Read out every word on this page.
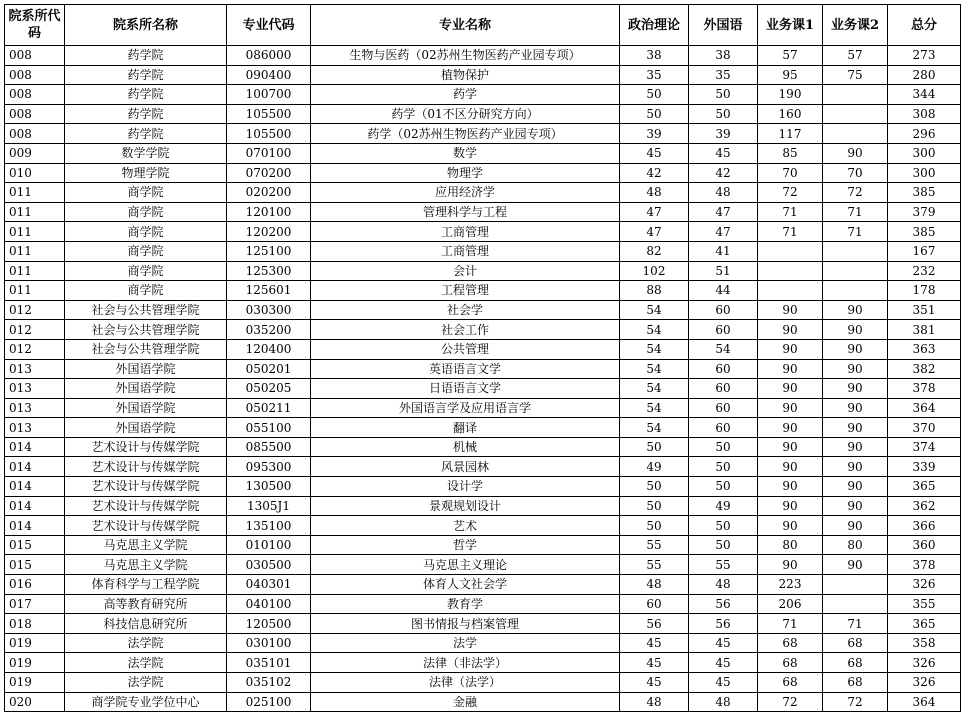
院系所代码	院系所名称	专业代码	专业名称	政治理论	外国语	业务课1	业务课2	总分
008	药学院	086000	生物与医药（02苏州生物医药产业园专项）	38	38	57	57	273
008	药学院	090400	植物保护	35	35	95	75	280
008	药学院	100700	药学	50	50	190		344
008	药学院	105500	药学（01不区分研究方向）	50	50	160		308
008	药学院	105500	药学（02苏州生物医药产业园专项）	39	39	117		296
009	数学学院	070100	数学	45	45	85	90	300
010	物理学院	070200	物理学	42	42	70	70	300
011	商学院	020200	应用经济学	48	48	72	72	385
011	商学院	120100	管理科学与工程	47	47	71	71	379
011	商学院	120200	工商管理	47	47	71	71	385
011	商学院	125100	工商管理	82	41			167
011	商学院	125300	会计	102	51			232
011	商学院	125601	工程管理	88	44			178
012	社会与公共管理学院	030300	社会学	54	60	90	90	351
012	社会与公共管理学院	035200	社会工作	54	60	90	90	381
012	社会与公共管理学院	120400	公共管理	54	54	90	90	363
013	外国语学院	050201	英语语言文学	54	60	90	90	382
013	外国语学院	050205	日语语言文学	54	60	90	90	378
013	外国语学院	050211	外国语言学及应用语言学	54	60	90	90	364
013	外国语学院	055100	翻译	54	60	90	90	370
014	艺术设计与传媒学院	085500	机械	50	50	90	90	374
014	艺术设计与传媒学院	095300	风景园林	49	50	90	90	339
014	艺术设计与传媒学院	130500	设计学	50	50	90	90	365
014	艺术设计与传媒学院	1305J1	景观规划设计	50	49	90	90	362
014	艺术设计与传媒学院	135100	艺术	50	50	90	90	366
015	马克思主义学院	010100	哲学	55	50	80	80	360
015	马克思主义学院	030500	马克思主义理论	55	55	90	90	378
016	体育科学与工程学院	040301	体育人文社会学	48	48	223		326
017	高等教育研究所	040100	教育学	60	56	206		355
018	科技信息研究所	120500	图书情报与档案管理	56	56	71	71	365
019	法学院	030100	法学	45	45	68	68	358
019	法学院	035101	法律（非法学）	45	45	68	68	326
019	法学院	035102	法律（法学）	45	45	68	68	326
020	商学院专业学位中心	025100	金融	48	48	72	72	364
